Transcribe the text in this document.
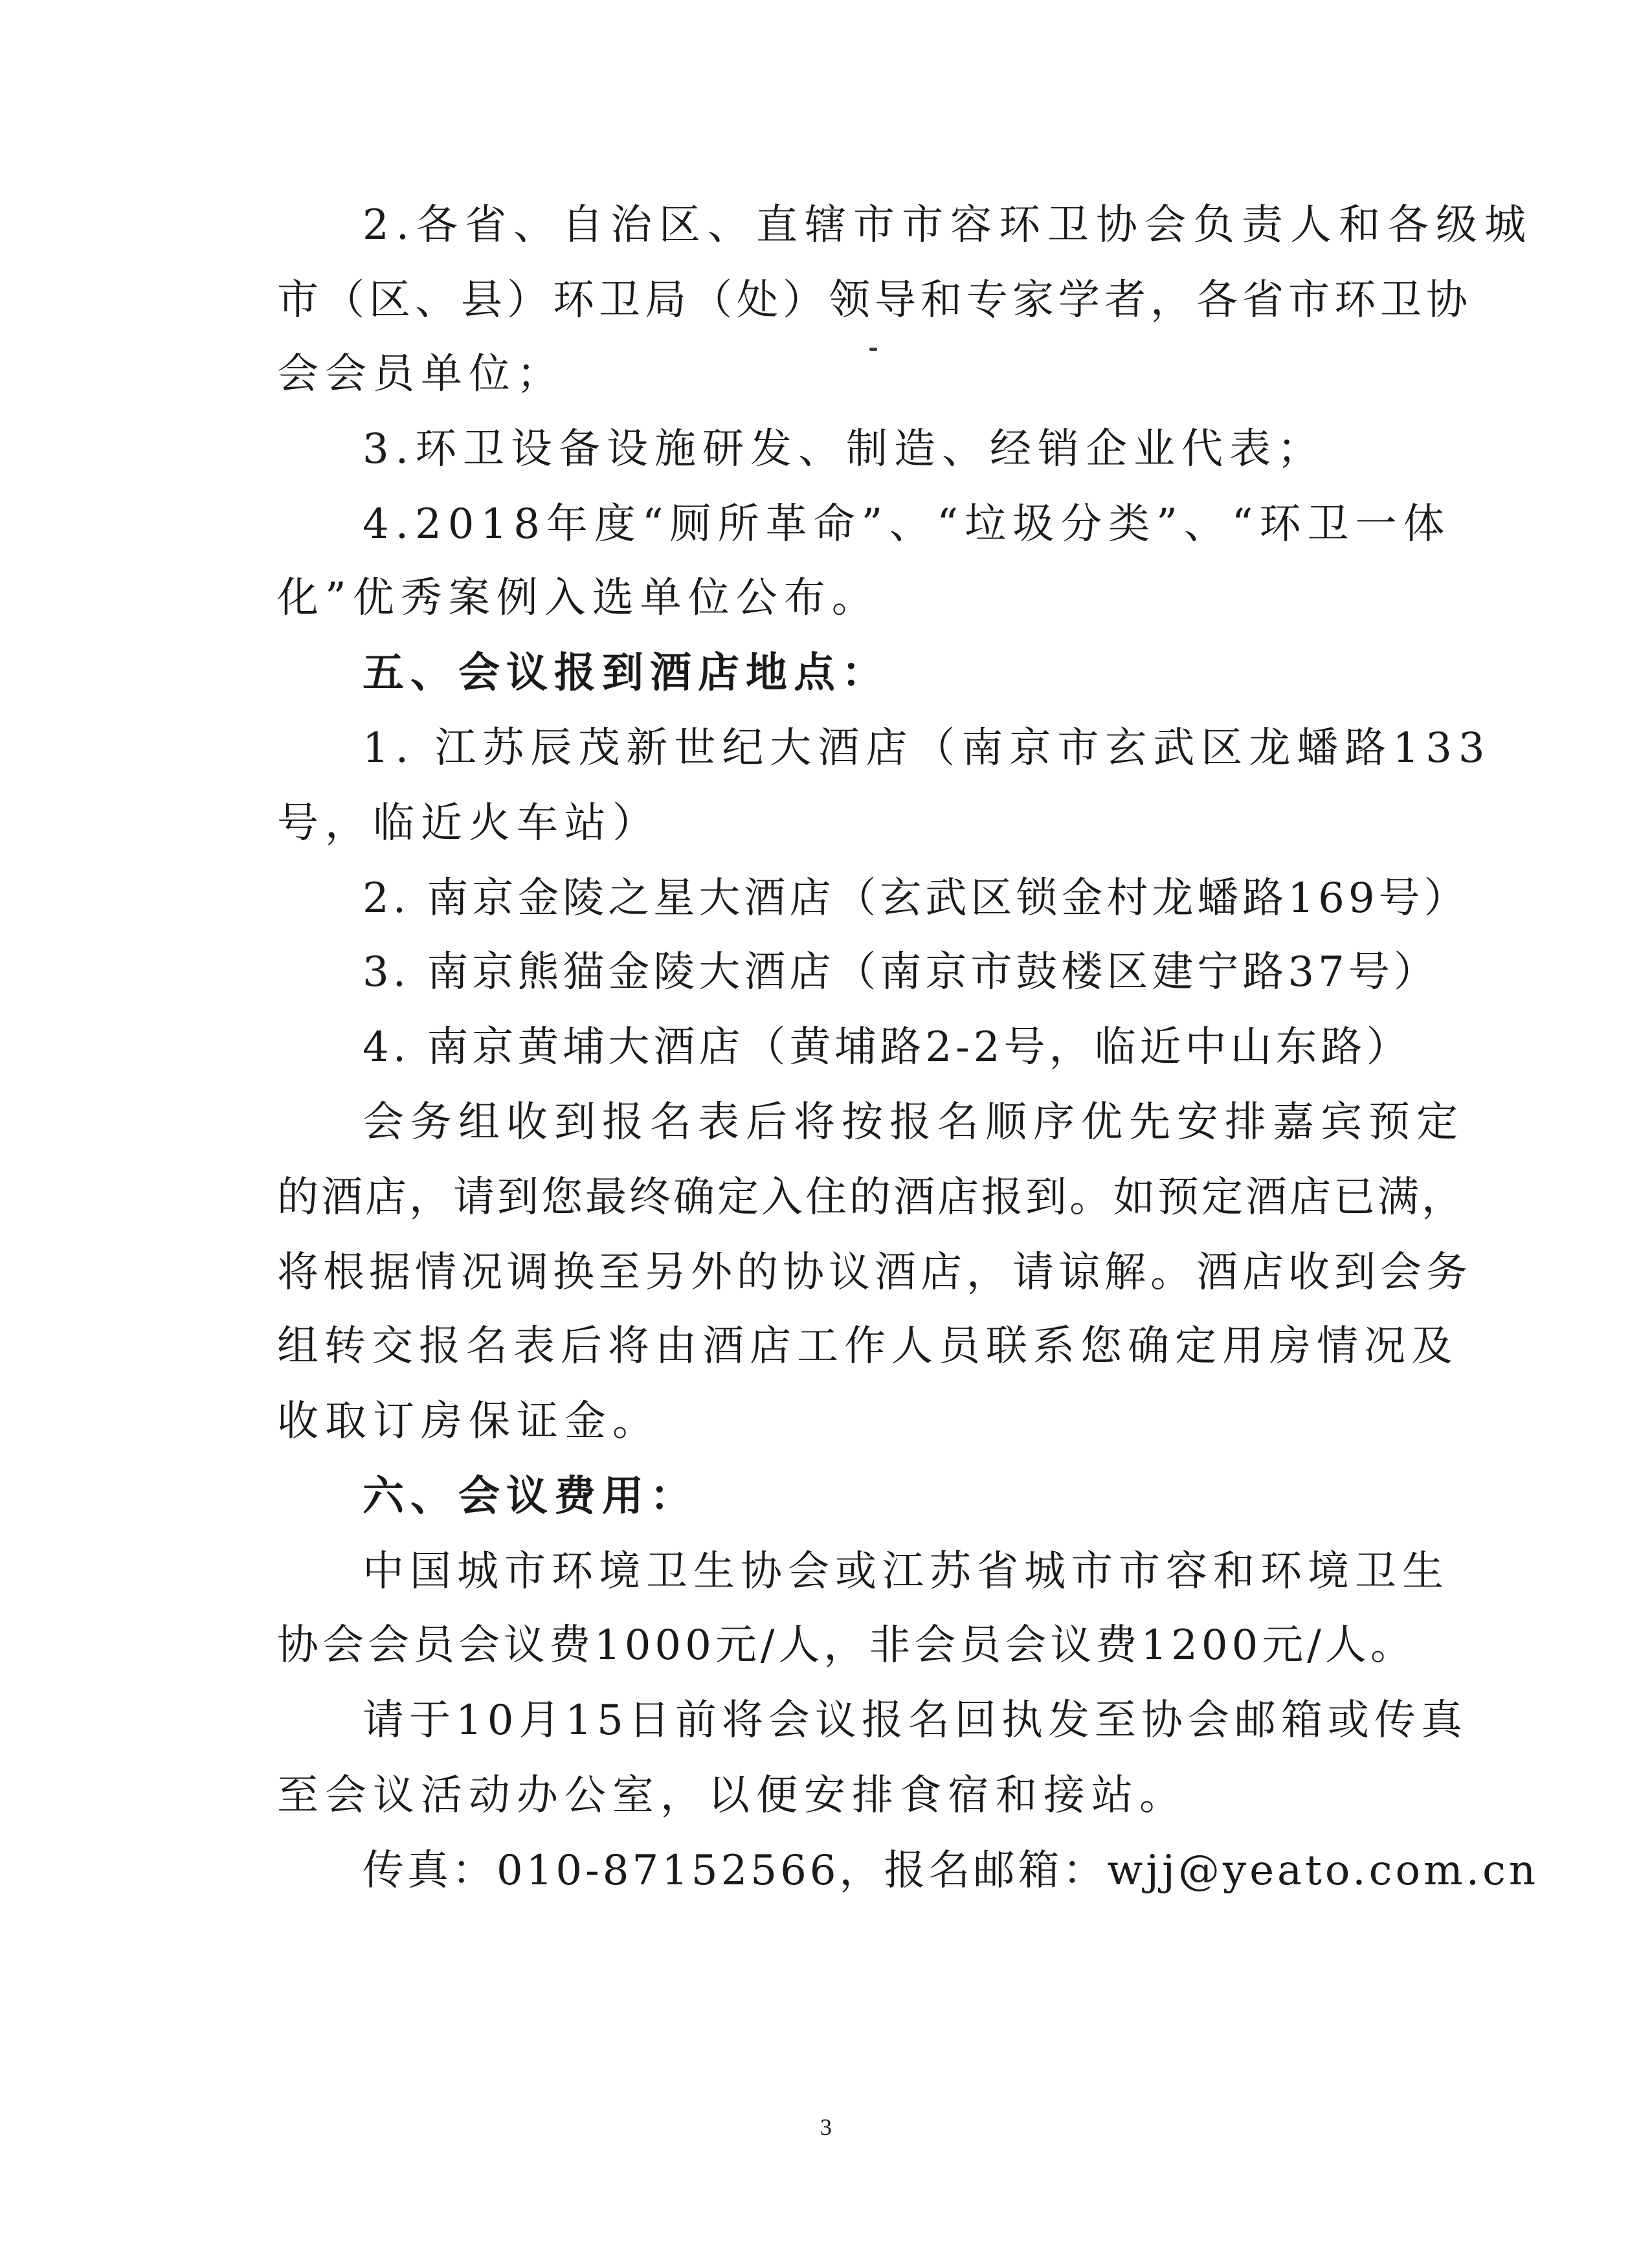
2.各省、自治区、直辖市市容环卫协会负责人和各级城
市（区、县）环卫局（处）领导和专家学者，各省市环卫协
会会员单位；
3.环卫设备设施研发、制造、经销企业代表；
4.2018年度“厕所革命”、“垃圾分类”、“环卫一体
化”优秀案例入选单位公布。
五、会议报到酒店地点：
1. 江苏辰茂新世纪大酒店（南京市玄武区龙蟠路133
号，临近火车站）
2. 南京金陵之星大酒店（玄武区锁金村龙蟠路169号）
3. 南京熊猫金陵大酒店（南京市鼓楼区建宁路37号）
4. 南京黄埔大酒店（黄埔路2-2号，临近中山东路）
会务组收到报名表后将按报名顺序优先安排嘉宾预定
的酒店，请到您最终确定入住的酒店报到。如预定酒店已满，
将根据情况调换至另外的协议酒店，请谅解。酒店收到会务
组转交报名表后将由酒店工作人员联系您确定用房情况及
收取订房保证金。
六、会议费用：
中国城市环境卫生协会或江苏省城市市容和环境卫生
协会会员会议费1000元/人，非会员会议费1200元/人。
请于10月15日前将会议报名回执发至协会邮箱或传真
至会议活动办公室，以便安排食宿和接站。
传真：010-87152566，报名邮箱：wjj@yeato.com.cn
3
